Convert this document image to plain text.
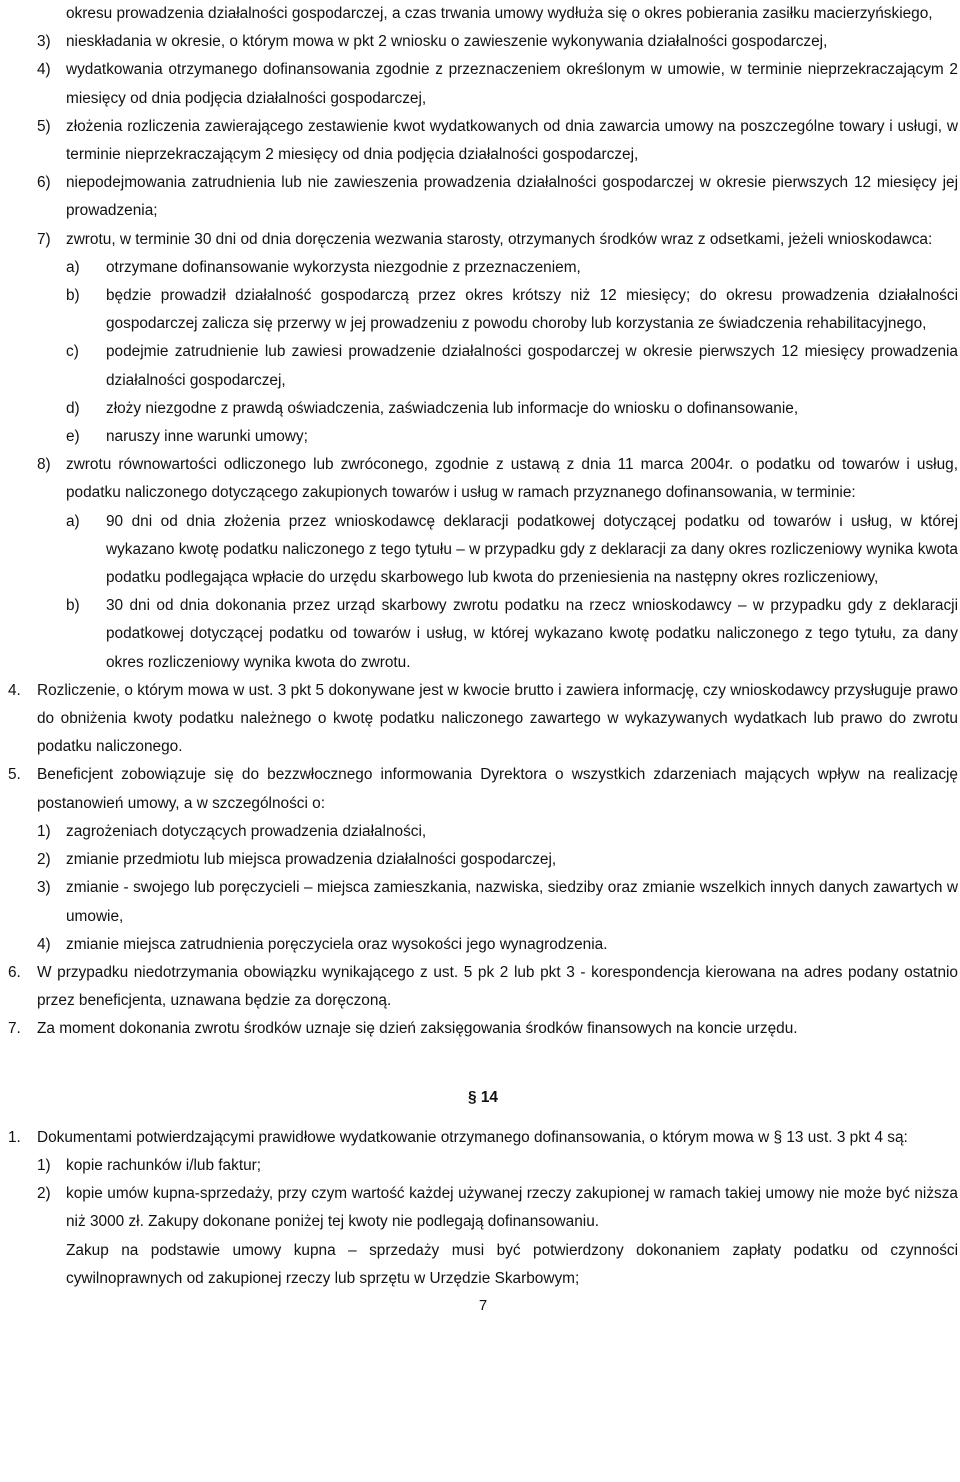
okresu prowadzenia działalności gospodarczej, a czas trwania umowy wydłuża się o okres pobierania zasiłku macierzyńskiego,
3) nieskładania w okresie, o którym mowa w pkt 2 wniosku o zawieszenie wykonywania działalności gospodarczej,
4) wydatkowania otrzymanego dofinansowania zgodnie z przeznaczeniem określonym w umowie, w terminie nieprzekraczającym 2 miesięcy od dnia podjęcia działalności gospodarczej,
5) złożenia rozliczenia zawierającego zestawienie kwot wydatkowanych od dnia zawarcia umowy na poszczególne towary i usługi, w terminie nieprzekraczającym 2 miesięcy od dnia podjęcia działalności gospodarczej,
6) niepodejmowania zatrudnienia lub nie zawieszenia prowadzenia działalności gospodarczej w okresie pierwszych 12 miesięcy jej prowadzenia;
7) zwrotu, w terminie 30 dni od dnia doręczenia wezwania starosty, otrzymanych środków wraz z odsetkami, jeżeli wnioskodawca:
a) otrzymane dofinansowanie wykorzysta niezgodnie z przeznaczeniem,
b) będzie prowadził działalność gospodarczą przez okres krótszy niż 12 miesięcy; do okresu prowadzenia działalności gospodarczej zalicza się przerwy w jej prowadzeniu z powodu choroby lub korzystania ze świadczenia rehabilitacyjnego,
c) podejmie zatrudnienie lub zawiesi prowadzenie działalności gospodarczej w okresie pierwszych 12 miesięcy prowadzenia działalności gospodarczej,
d) złoży niezgodne z prawdą oświadczenia, zaświadczenia lub informacje do wniosku o dofinansowanie,
e) naruszy inne warunki umowy;
8) zwrotu równowartości odliczonego lub zwróconego, zgodnie z ustawą z dnia 11 marca 2004r. o podatku od towarów i usług, podatku naliczonego dotyczącego zakupionych towarów i usług w ramach przyznanego dofinansowania, w terminie:
a) 90 dni od dnia złożenia przez wnioskodawcę deklaracji podatkowej dotyczącej podatku od towarów i usług, w której wykazano kwotę podatku naliczonego z tego tytułu – w przypadku gdy z deklaracji za dany okres rozliczeniowy wynika kwota podatku podlegająca wpłacie do urzędu skarbowego lub kwota do przeniesienia na następny okres rozliczeniowy,
b) 30 dni od dnia dokonania przez urząd skarbowy zwrotu podatku na rzecz wnioskodawcy – w przypadku gdy z deklaracji podatkowej dotyczącej podatku od towarów i usług, w której wykazano kwotę podatku naliczonego z tego tytułu, za dany okres rozliczeniowy wynika kwota do zwrotu.
4. Rozliczenie, o którym mowa w ust. 3 pkt 5 dokonywane jest w kwocie brutto i zawiera informację, czy wnioskodawcy przysługuje prawo do obniżenia kwoty podatku należnego o kwotę podatku naliczonego zawartego w wykazywanych wydatkach lub prawo do zwrotu podatku naliczonego.
5. Beneficjent zobowiązuje się do bezzwłocznego informowania Dyrektora o wszystkich zdarzeniach mających wpływ na realizację postanowień umowy, a w szczególności o:
1) zagrożeniach dotyczących prowadzenia działalności,
2) zmianie przedmiotu lub miejsca prowadzenia działalności gospodarczej,
3) zmianie - swojego lub poręczycieli – miejsca zamieszkania, nazwiska, siedziby oraz zmianie wszelkich innych danych zawartych w umowie,
4) zmianie miejsca zatrudnienia poręczyciela oraz wysokości jego wynagrodzenia.
6. W przypadku niedotrzymania obowiązku wynikającego z ust. 5 pk 2 lub pkt 3 - korespondencja kierowana na adres podany ostatnio przez beneficjenta, uznawana będzie za doręczoną.
7. Za moment dokonania zwrotu środków uznaje się dzień zaksięgowania środków finansowych na koncie urzędu.
§ 14
1. Dokumentami potwierdzającymi prawidłowe wydatkowanie otrzymanego dofinansowania, o którym mowa w § 13 ust. 3 pkt 4 są:
1) kopie rachunków i/lub faktur;
2) kopie umów kupna-sprzedaży, przy czym wartość każdej używanej rzeczy zakupionej w ramach takiej umowy nie może być niższa niż 3000 zł. Zakupy dokonane poniżej tej kwoty nie podlegają dofinansowaniu.
Zakup na podstawie umowy kupna – sprzedaży musi być potwierdzony dokonaniem zapłaty podatku od czynności cywilnoprawnych od zakupionej rzeczy lub sprzętu w Urzędzie Skarbowym;
7
